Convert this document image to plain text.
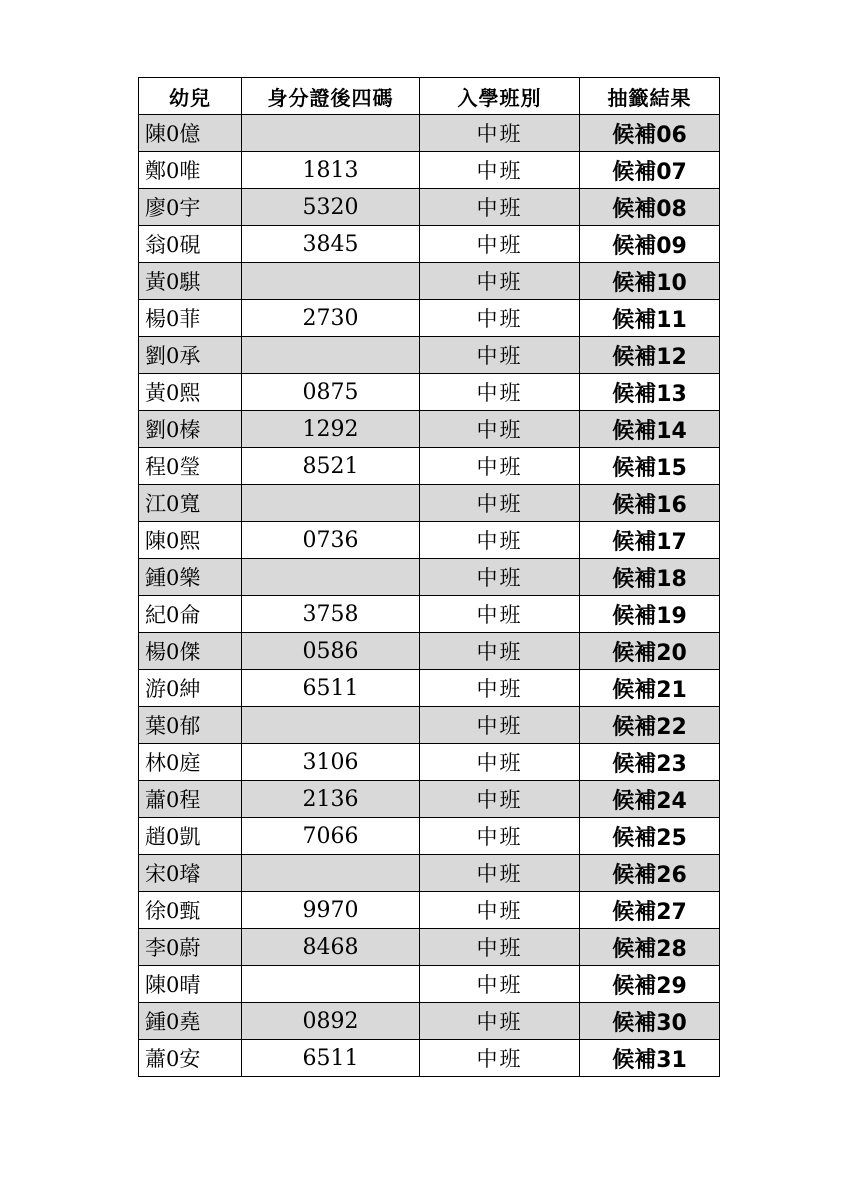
幼兒	身分證後四碼	入學班別	抽籤結果
陳0億		中班	候補06
鄭0唯	1813	中班	候補07
廖0宇	5320	中班	候補08
翁0硯	3845	中班	候補09
黃0騏		中班	候補10
楊0菲	2730	中班	候補11
劉0承		中班	候補12
黃0熙	0875	中班	候補13
劉0榛	1292	中班	候補14
程0瑩	8521	中班	候補15
江0寬		中班	候補16
陳0熙	0736	中班	候補17
鍾0樂		中班	候補18
紀0侖	3758	中班	候補19
楊0傑	0586	中班	候補20
游0紳	6511	中班	候補21
葉0郁		中班	候補22
林0庭	3106	中班	候補23
蕭0程	2136	中班	候補24
趙0凱	7066	中班	候補25
宋0璿		中班	候補26
徐0甄	9970	中班	候補27
李0蔚	8468	中班	候補28
陳0晴		中班	候補29
鍾0堯	0892	中班	候補30
蕭0安	6511	中班	候補31
